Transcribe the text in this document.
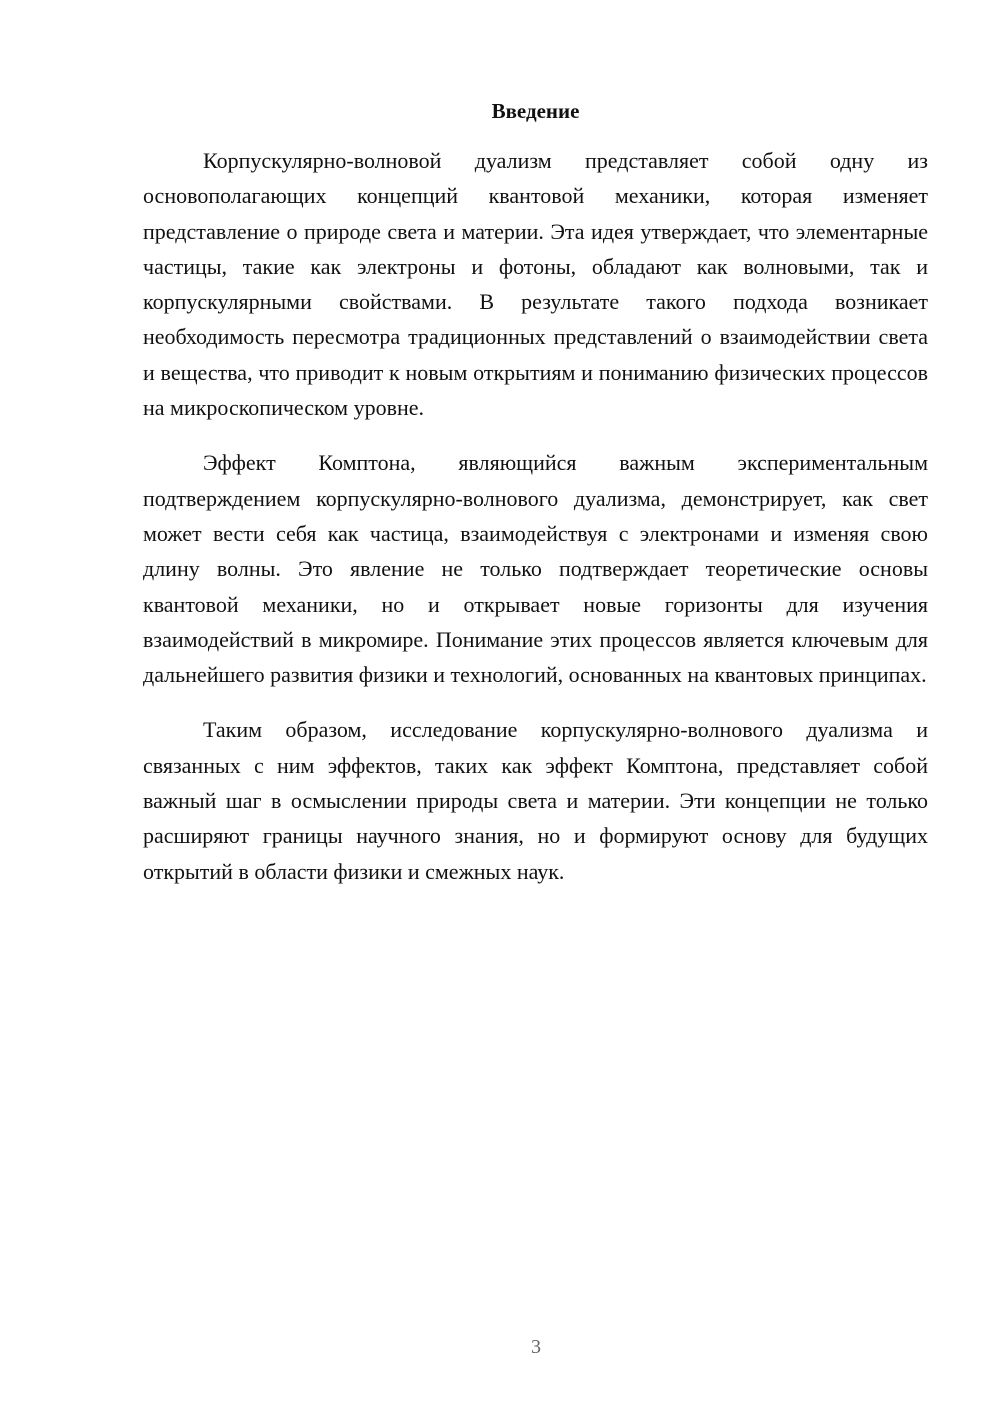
Введение

Корпускулярно-волновой дуализм представляет собой одну из основополагающих концепций квантовой механики, которая изменяет представление о природе света и материи. Эта идея утверждает, что элементарные частицы, такие как электроны и фотоны, обладают как волновыми, так и корпускулярными свойствами. В результате такого подхода возникает необходимость пересмотра традиционных представлений о взаимодействии света и вещества, что приводит к новым открытиям и пониманию физических процессов на микроскопическом уровне.

Эффект Комптона, являющийся важным экспериментальным подтверждением корпускулярно-волнового дуализма, демонстрирует, как свет может вести себя как частица, взаимодействуя с электронами и изменяя свою длину волны. Это явление не только подтверждает теоретические основы квантовой механики, но и открывает новые горизонты для изучения взаимодействий в микромире. Понимание этих процессов является ключевым для дальнейшего развития физики и технологий, основанных на квантовых принципах.

Таким образом, исследование корпускулярно-волнового дуализма и связанных с ним эффектов, таких как эффект Комптона, представляет собой важный шаг в осмыслении природы света и материи. Эти концепции не только расширяют границы научного знания, но и формируют основу для будущих открытий в области физики и смежных наук.

3
